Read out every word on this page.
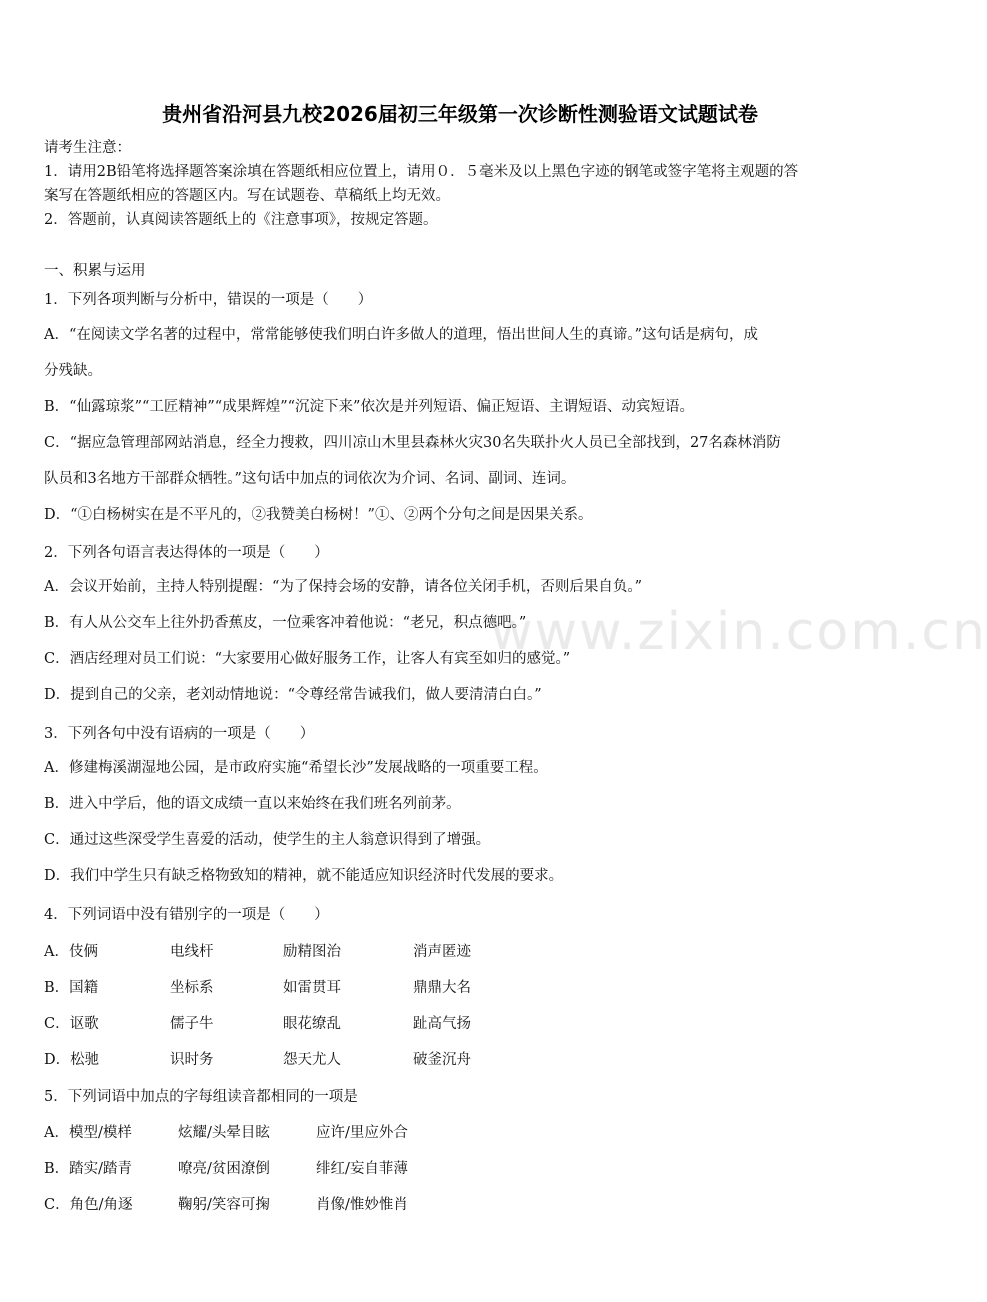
www.zixin.com.cn
贵州省沿河县九校2026届初三年级第一次诊断性测验语文试题试卷
请考生注意：
1．请用2B铅笔将选择题答案涂填在答题纸相应位置上，请用０．５毫米及以上黑色字迹的钢笔或签字笔将主观题的答
案写在答题纸相应的答题区内。写在试题卷、草稿纸上均无效。
2．答题前，认真阅读答题纸上的《注意事项》，按规定答题。
一、积累与运用
1．下列各项判断与分析中，错误的一项是（　　）
A．“在阅读文学名著的过程中，常常能够使我们明白许多做人的道理，悟出世间人生的真谛。”这句话是病句，成
分残缺。
B．“仙露琼浆”“工匠精神”“成果辉煌”“沉淀下来”依次是并列短语、偏正短语、主谓短语、动宾短语。
C．“据应急管理部网站消息，经全力搜救，四川凉山木里县森林火灾30名失联扑火人员已全部找到，27名森林消防
队员和3名地方干部群众牺牲。”这句话中加点的词依次为介词、名词、副词、连词。
D．“①白杨树实在是不平凡的，②我赞美白杨树！”①、②两个分句之间是因果关系。
2．下列各句语言表达得体的一项是（　　）
A．会议开始前，主持人特别提醒：“为了保持会场的安静，请各位关闭手机，否则后果自负。”
B．有人从公交车上往外扔香蕉皮，一位乘客冲着他说：“老兄，积点德吧。”
C．酒店经理对员工们说：“大家要用心做好服务工作，让客人有宾至如归的感觉。”
D．提到自己的父亲，老刘动情地说：“令尊经常告诫我们，做人要清清白白。”
3．下列各句中没有语病的一项是（　　）
A．修建梅溪湖湿地公园，是市政府实施“希望长沙”发展战略的一项重要工程。
B．进入中学后，他的语文成绩一直以来始终在我们班名列前茅。
C．通过这些深受学生喜爱的活动，使学生的主人翁意识得到了增强。
D．我们中学生只有缺乏格物致知的精神，就不能适应知识经济时代发展的要求。
4．下列词语中没有错别字的一项是（　　）
A．伎俩	电线杆	励精图治	消声匿迹
B．国籍	坐标系	如雷贯耳	鼎鼎大名
C．讴歌	儒子牛	眼花缭乱	趾高气扬
D．松驰	识时务	怨天尤人	破釜沉舟
5．下列词语中加点的字每组读音都相同的一项是
A．模型/模样	炫耀/头晕目眩	应许/里应外合
B．踏实/踏青	嘹亮/贫困潦倒	绯红/妄自菲薄
C．角色/角逐	鞠躬/笑容可掬	肖像/惟妙惟肖
